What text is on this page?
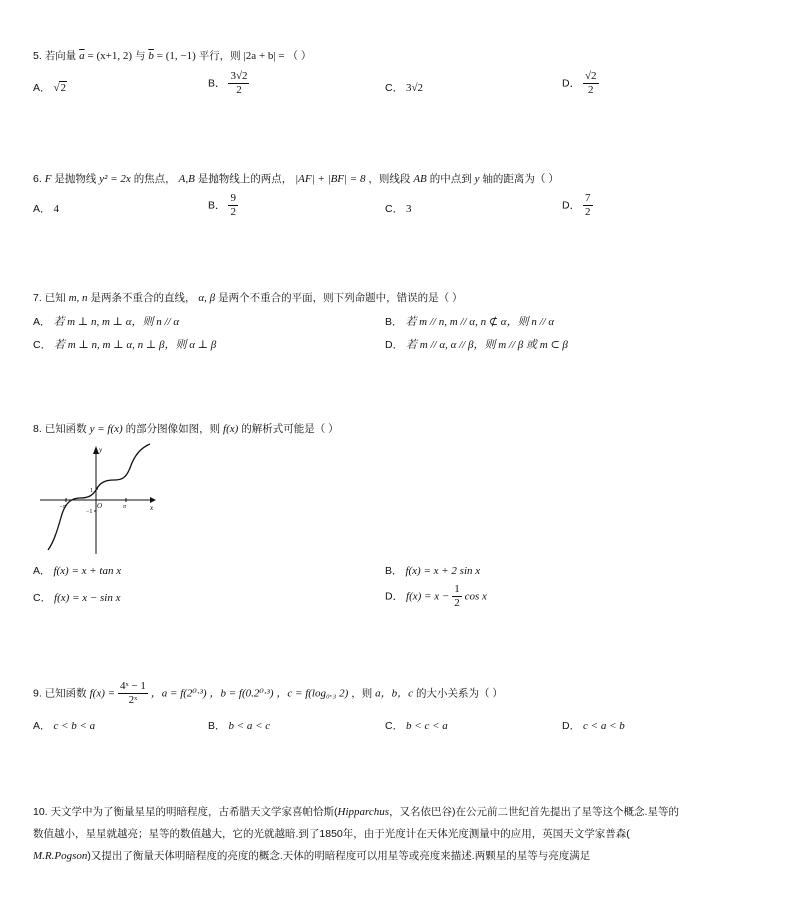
5. 若向量 $\overline{a} = (x+1$, 2) 与 $\overline{b} = (1$, −1) 平行，则 |2a + b| = （ ）
A． √2	B． $\frac{3√2}{2}$	C． 3√2	D． $\frac{√2}{2}$
6. F 是抛物线 y² = 2x 的焦点， A,B 是抛物线上的两点， |AF| + |BF| = 8 ，则线段 AB 的中点到 y 轴的距离为（ ）
A． 4	B． $\frac{9}{2}$	C． 3	D． $\frac{7}{2}$
7. 已知 m, n 是两条不重合的直线， α, β 是两个不重合的平面，则下列命题中，错误的是（ ）
A． 若 m ⊥ n, m ⊥ α，则 n // α	B． 若 m // n, m // α, n ⊄ α，则 n // α
C． 若 m ⊥ n, m ⊥ α, n ⊥ β，则 α ⊥ β	D． 若 m // α, α // β，则 m // β 或 m ⊂ β
8. 已知函数 y = f(x) 的部分图像如图，则 f(x) 的解析式可能是（ ）
y
x
O
1
−1
π
−π
A． f(x) = x + tan x	B． f(x) = x + 2 sin x
C． f(x) = x − sin x	D． $f(x) = x - \frac{1}{2}$ cos x
9. 已知函数 $f(x) = \frac{\text{4ˣ − 1}}{\text{2ˣ}}$ ，a = f(2⁰·³) ，b = f(0.2⁰·³) ，c = f(log₀.₃ 2) ，则 a，b，c 的大小关系为（ ）
A． c < b < a	B． b < a < c	C． b < c < a	D． c < a < b
10. 天文学中为了衡量星星的明暗程度，古希腊天文学家喜帕恰斯(Hipparchus，又名依巴谷)在公元前二世纪首先提出了星等这个概念.星等的
数值越小，星星就越亮；星等的数值越大，它的光就越暗.到了1850年，由于光度计在天体光度测量中的应用，英国天文学家普森(
M.R.Pogson)又提出了衡量天体明暗程度的亮度的概念.天体的明暗程度可以用星等或亮度来描述.两颗星的星等与亮度满足
